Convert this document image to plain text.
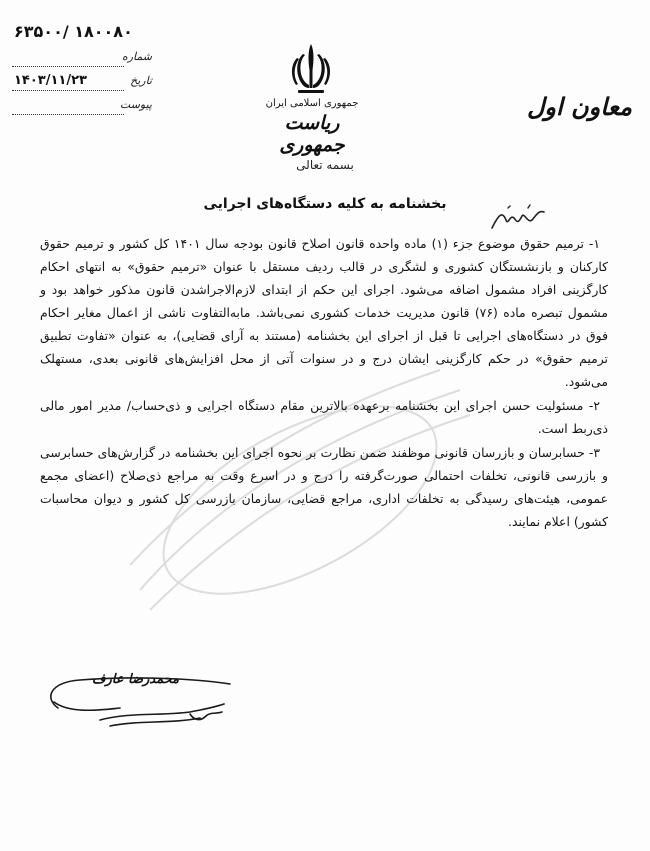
۶۳۵۰۰/ ۱۸۰۰۸۰
شماره
تاریخ
۱۴۰۳/۱۱/۲۳
پیوست	جمهوری اسلامی ایران
ریاست جمهوری
معاون اول
بسمه تعالی
بخشنامه به کلیه دستگاه‌های اجرایی

۱- ترمیم حقوق موضوع جزء (۱) ماده واحده قانون اصلاح قانون بودجه سال ۱۴۰۱ کل کشور و ترمیم حقوق کارکنان و بازنشستگان کشوری و لشگری در قالب ردیف مستقل با عنوان «ترمیم حقوق» به انتهای احکام کارگزینی افراد مشمول اضافه می‌شود. اجرای این حکم از ابتدای لازم‌الاجراشدن قانون مذکور خواهد بود و مشمول تبصره ماده (۷۶) قانون مدیریت خدمات کشوری نمی‌باشد. مابه‌التفاوت ناشی از اعمال مغایر احکام فوق در دستگاه‌های اجرایی تا قبل از اجرای این بخشنامه (مستند به آرای قضایی)، به عنوان «تفاوت تطبیق ترمیم حقوق» در حکم کارگزینی ایشان درج و در سنوات آتی از محل افزایش‌های قانونی بعدی، مستهلک می‌شود.

۲- مسئولیت حسن اجرای این بخشنامه برعهده بالاترین مقام دستگاه اجرایی و ذی‌حساب/ مدیر امور مالی ذی‌ربط است.

۳- حسابرسان و بازرسان قانونی موظفند ضمن نظارت بر نحوه اجرای این بخشنامه در گزارش‌های حسابرسی و بازرسی قانونی، تخلفات احتمالی صورت‌گرفته را درج و در اسرع وقت به مراجع ذی‌صلاح (اعضای مجمع عمومی، هیئت‌های رسیدگی به تخلفات اداری، مراجع قضایی، سازمان بازرسی کل کشور و دیوان محاسبات کشور) اعلام نمایند.

محمدرضا عارف
